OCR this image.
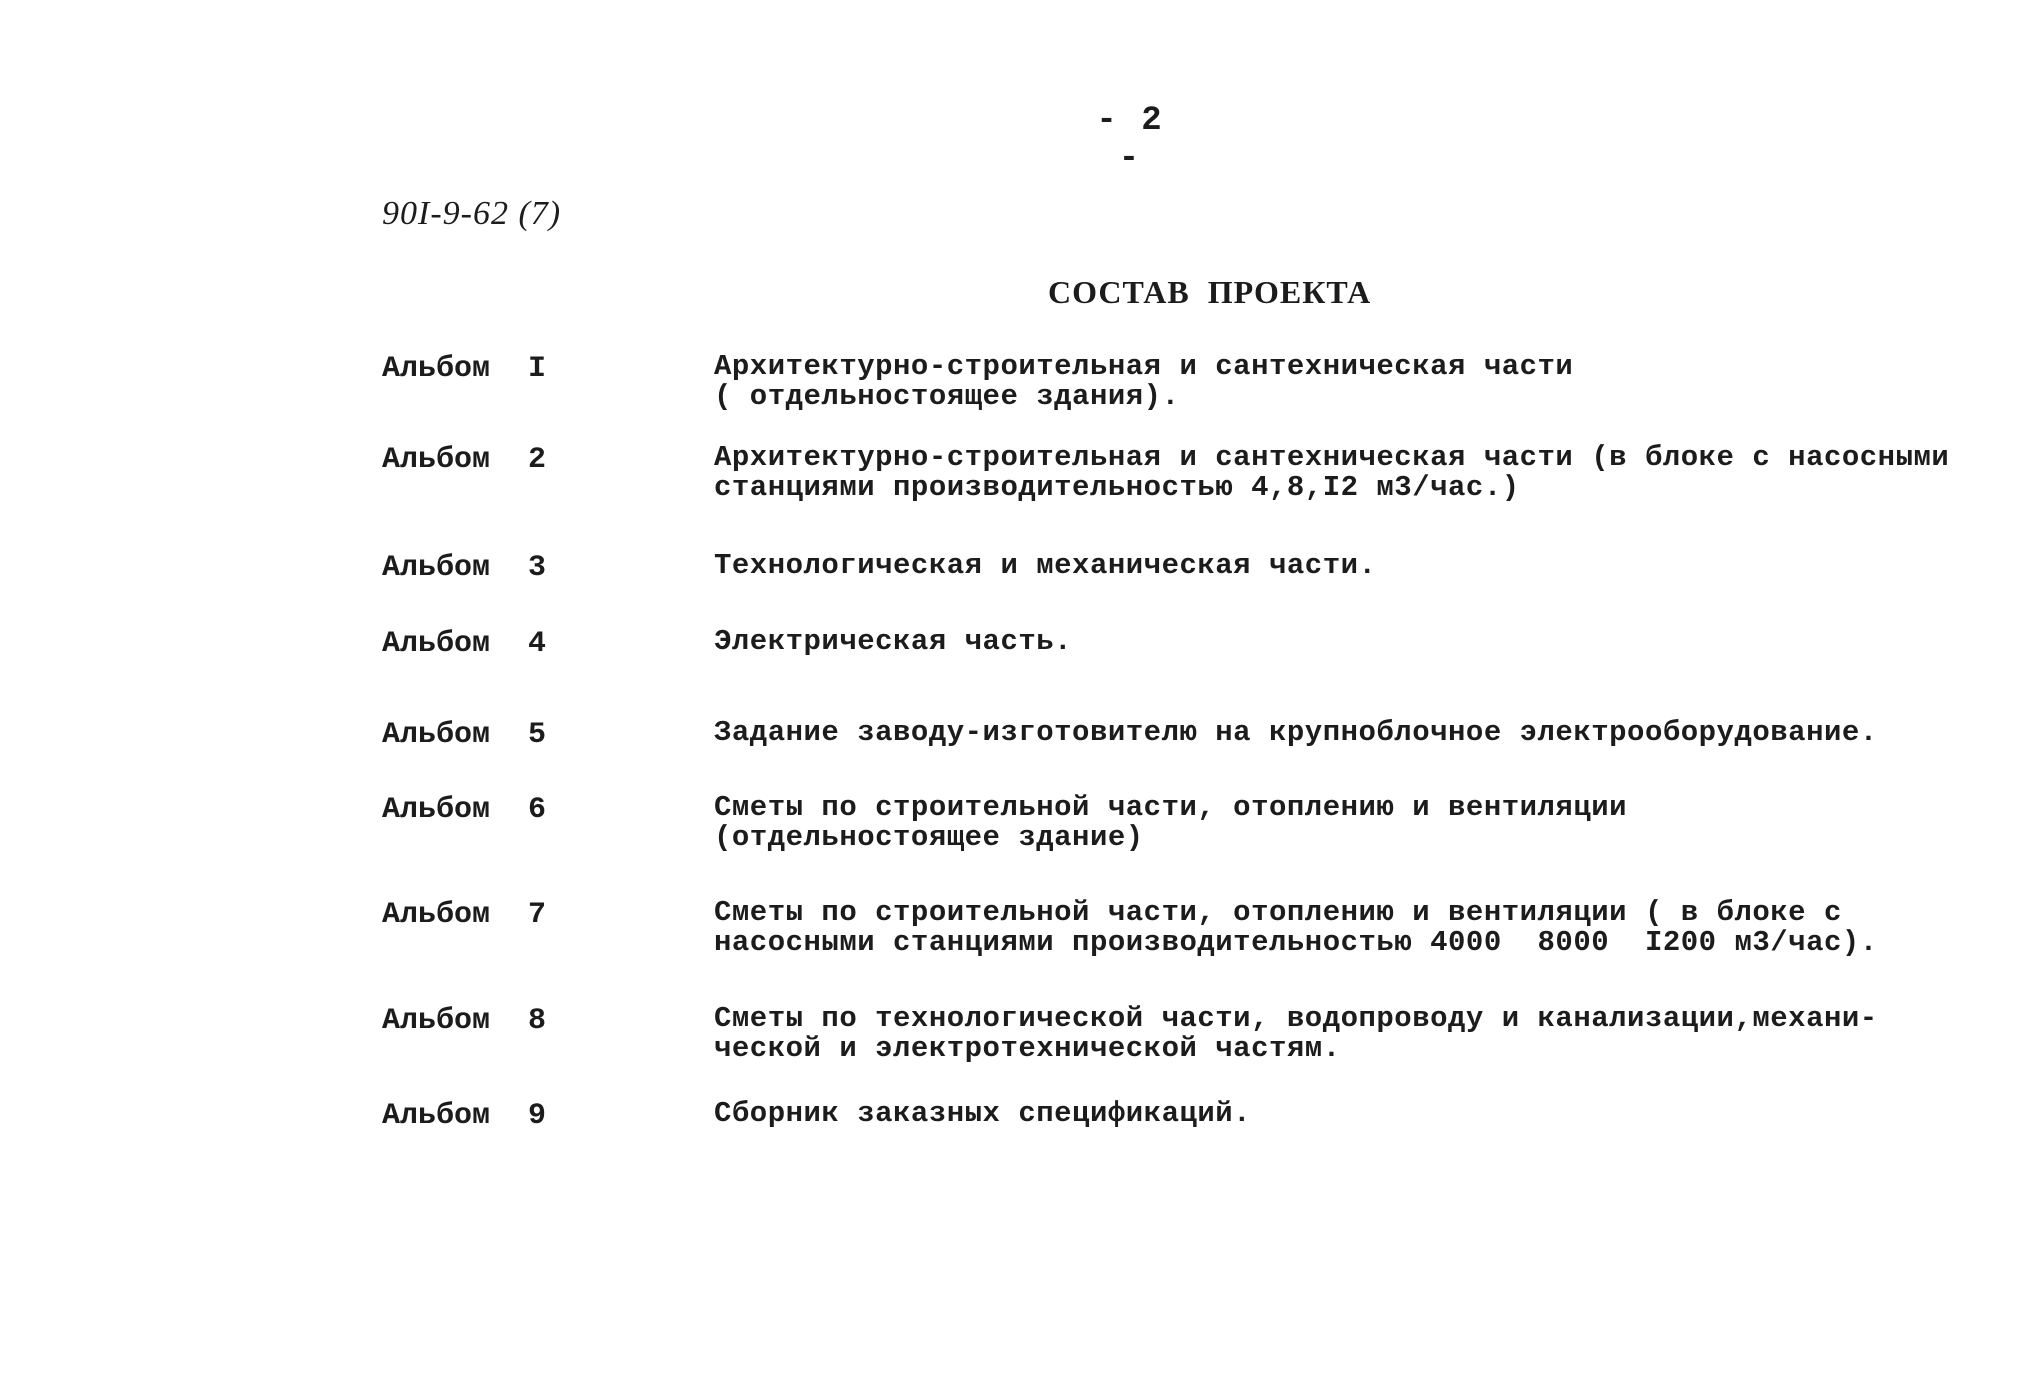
- 2 -
90I-9-62 (7)
СОСТАВ  ПРОЕКТА
Альбом I	Архитектурно-строительная и сантехническая части
( отдельностоящее здания).
Альбом 2	Архитектурно-строительная и сантехническая части (в блоке с насосными
станциями производительностью 4,8,I2 м3/час.)
Альбом 3	Технологическая и механическая части.
Альбом 4	Электрическая часть.
Альбом 5	Задание заводу-изготовителю на крупноблочное электрооборудование.
Альбом 6	Сметы по строительной части, отоплению и вентиляции
(отдельностоящее здание)
Альбом 7	Сметы по строительной части, отоплению и вентиляции ( в блоке с
насосными станциями производительностью 4000  8000  I200 м3/час).
Альбом 8	Сметы по технологической части, водопроводу и канализации,механи-
ческой и электротехнической частям.
Альбом 9	Сборник заказных спецификаций.
